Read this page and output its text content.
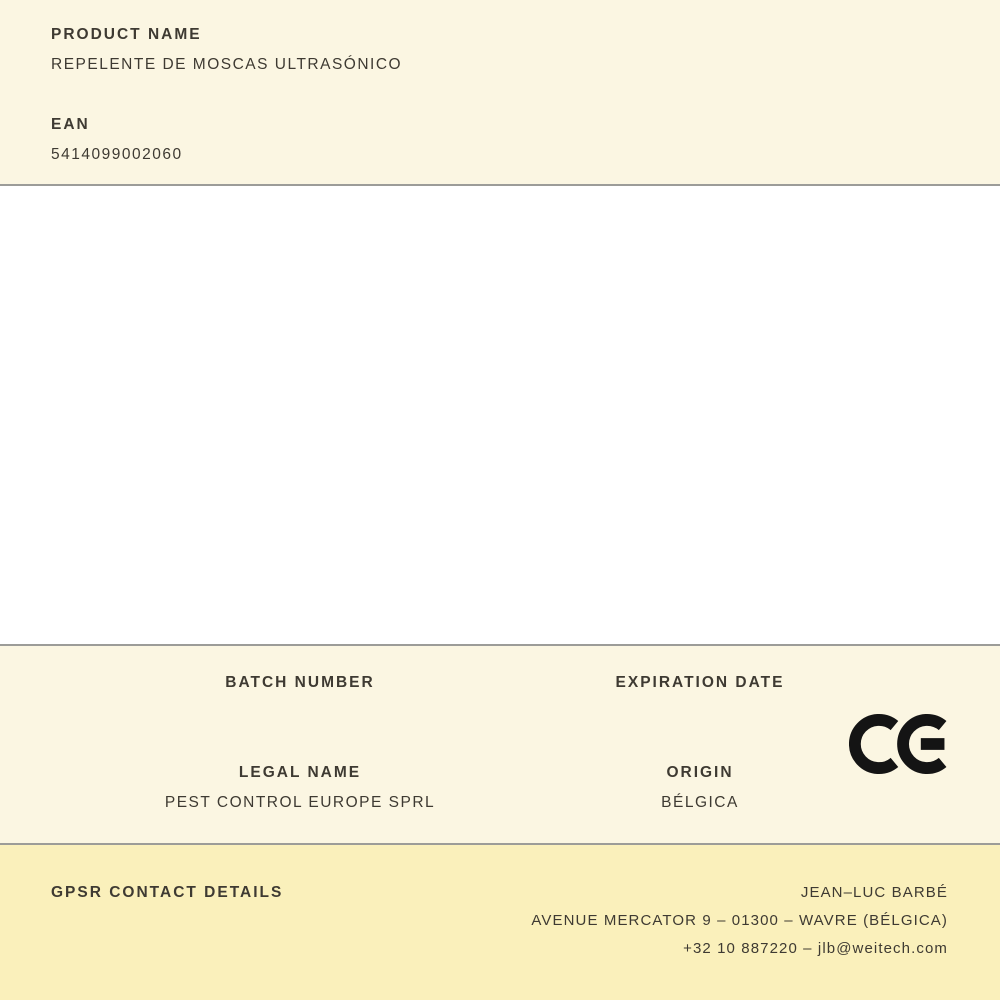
PRODUCT NAME
REPELENTE DE MOSCAS ULTRASÓNICO
EAN
5414099002060
BATCH NUMBER
LEGAL NAME
PEST CONTROL EUROPE SPRL
EXPIRATION DATE
ORIGIN
BÉLGICA
GPSR CONTACT DETAILS	JEAN–LUC BARBÉ
AVENUE MERCATOR 9 – 01300 – WAVRE (BÉLGICA)
+32 10 887220 – jlb@weitech.com
